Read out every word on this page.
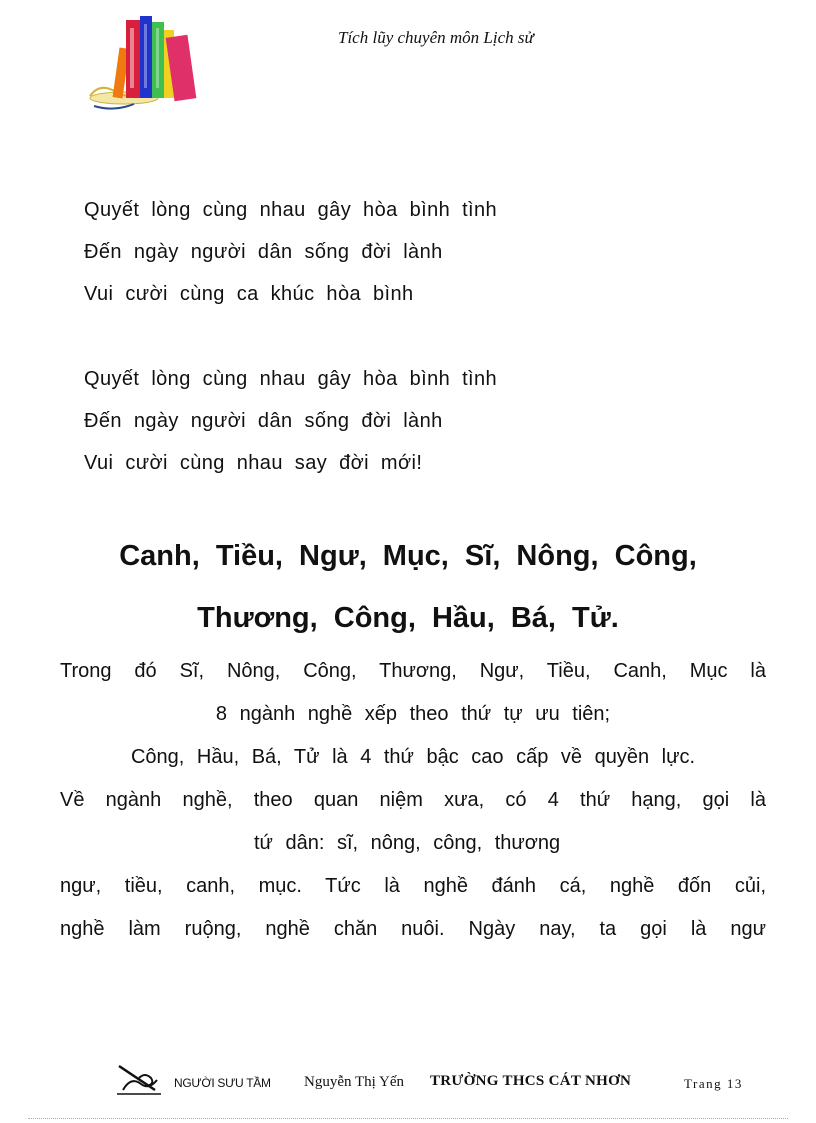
Tích lũy chuyên môn Lịch sử
Quyết lòng cùng nhau gây hòa bình tình
Đến ngày người dân sống đời lành
Vui cười cùng ca khúc hòa bình
Quyết lòng cùng nhau gây hòa bình tình
Đến ngày người dân sống đời lành
Vui cười cùng nhau say đời mới!
Canh, Tiều, Ngư, Mục, Sĩ, Nông, Công,
Thương, Công, Hầu, Bá, Tử.
Trong đó Sĩ, Nông, Công, Thương, Ngư, Tiều, Canh, Mục là
8 ngành nghề xếp theo thứ tự ưu tiên;
Công, Hầu, Bá, Tử là 4 thứ bậc cao cấp về quyền lực.
Về ngành nghề, theo quan niệm xưa, có 4 thứ hạng, gọi là
tứ dân: sĩ, nông, công, thương
ngư, tiều, canh, mục. Tức là nghề đánh cá, nghề đốn củi,
nghề làm ruộng, nghề chăn nuôi. Ngày nay, ta gọi là ngư
NGƯỜI SƯU TẦM Nguyễn Thị Yến TRƯỜNG THCS CÁT NHƠN	Trang 13
